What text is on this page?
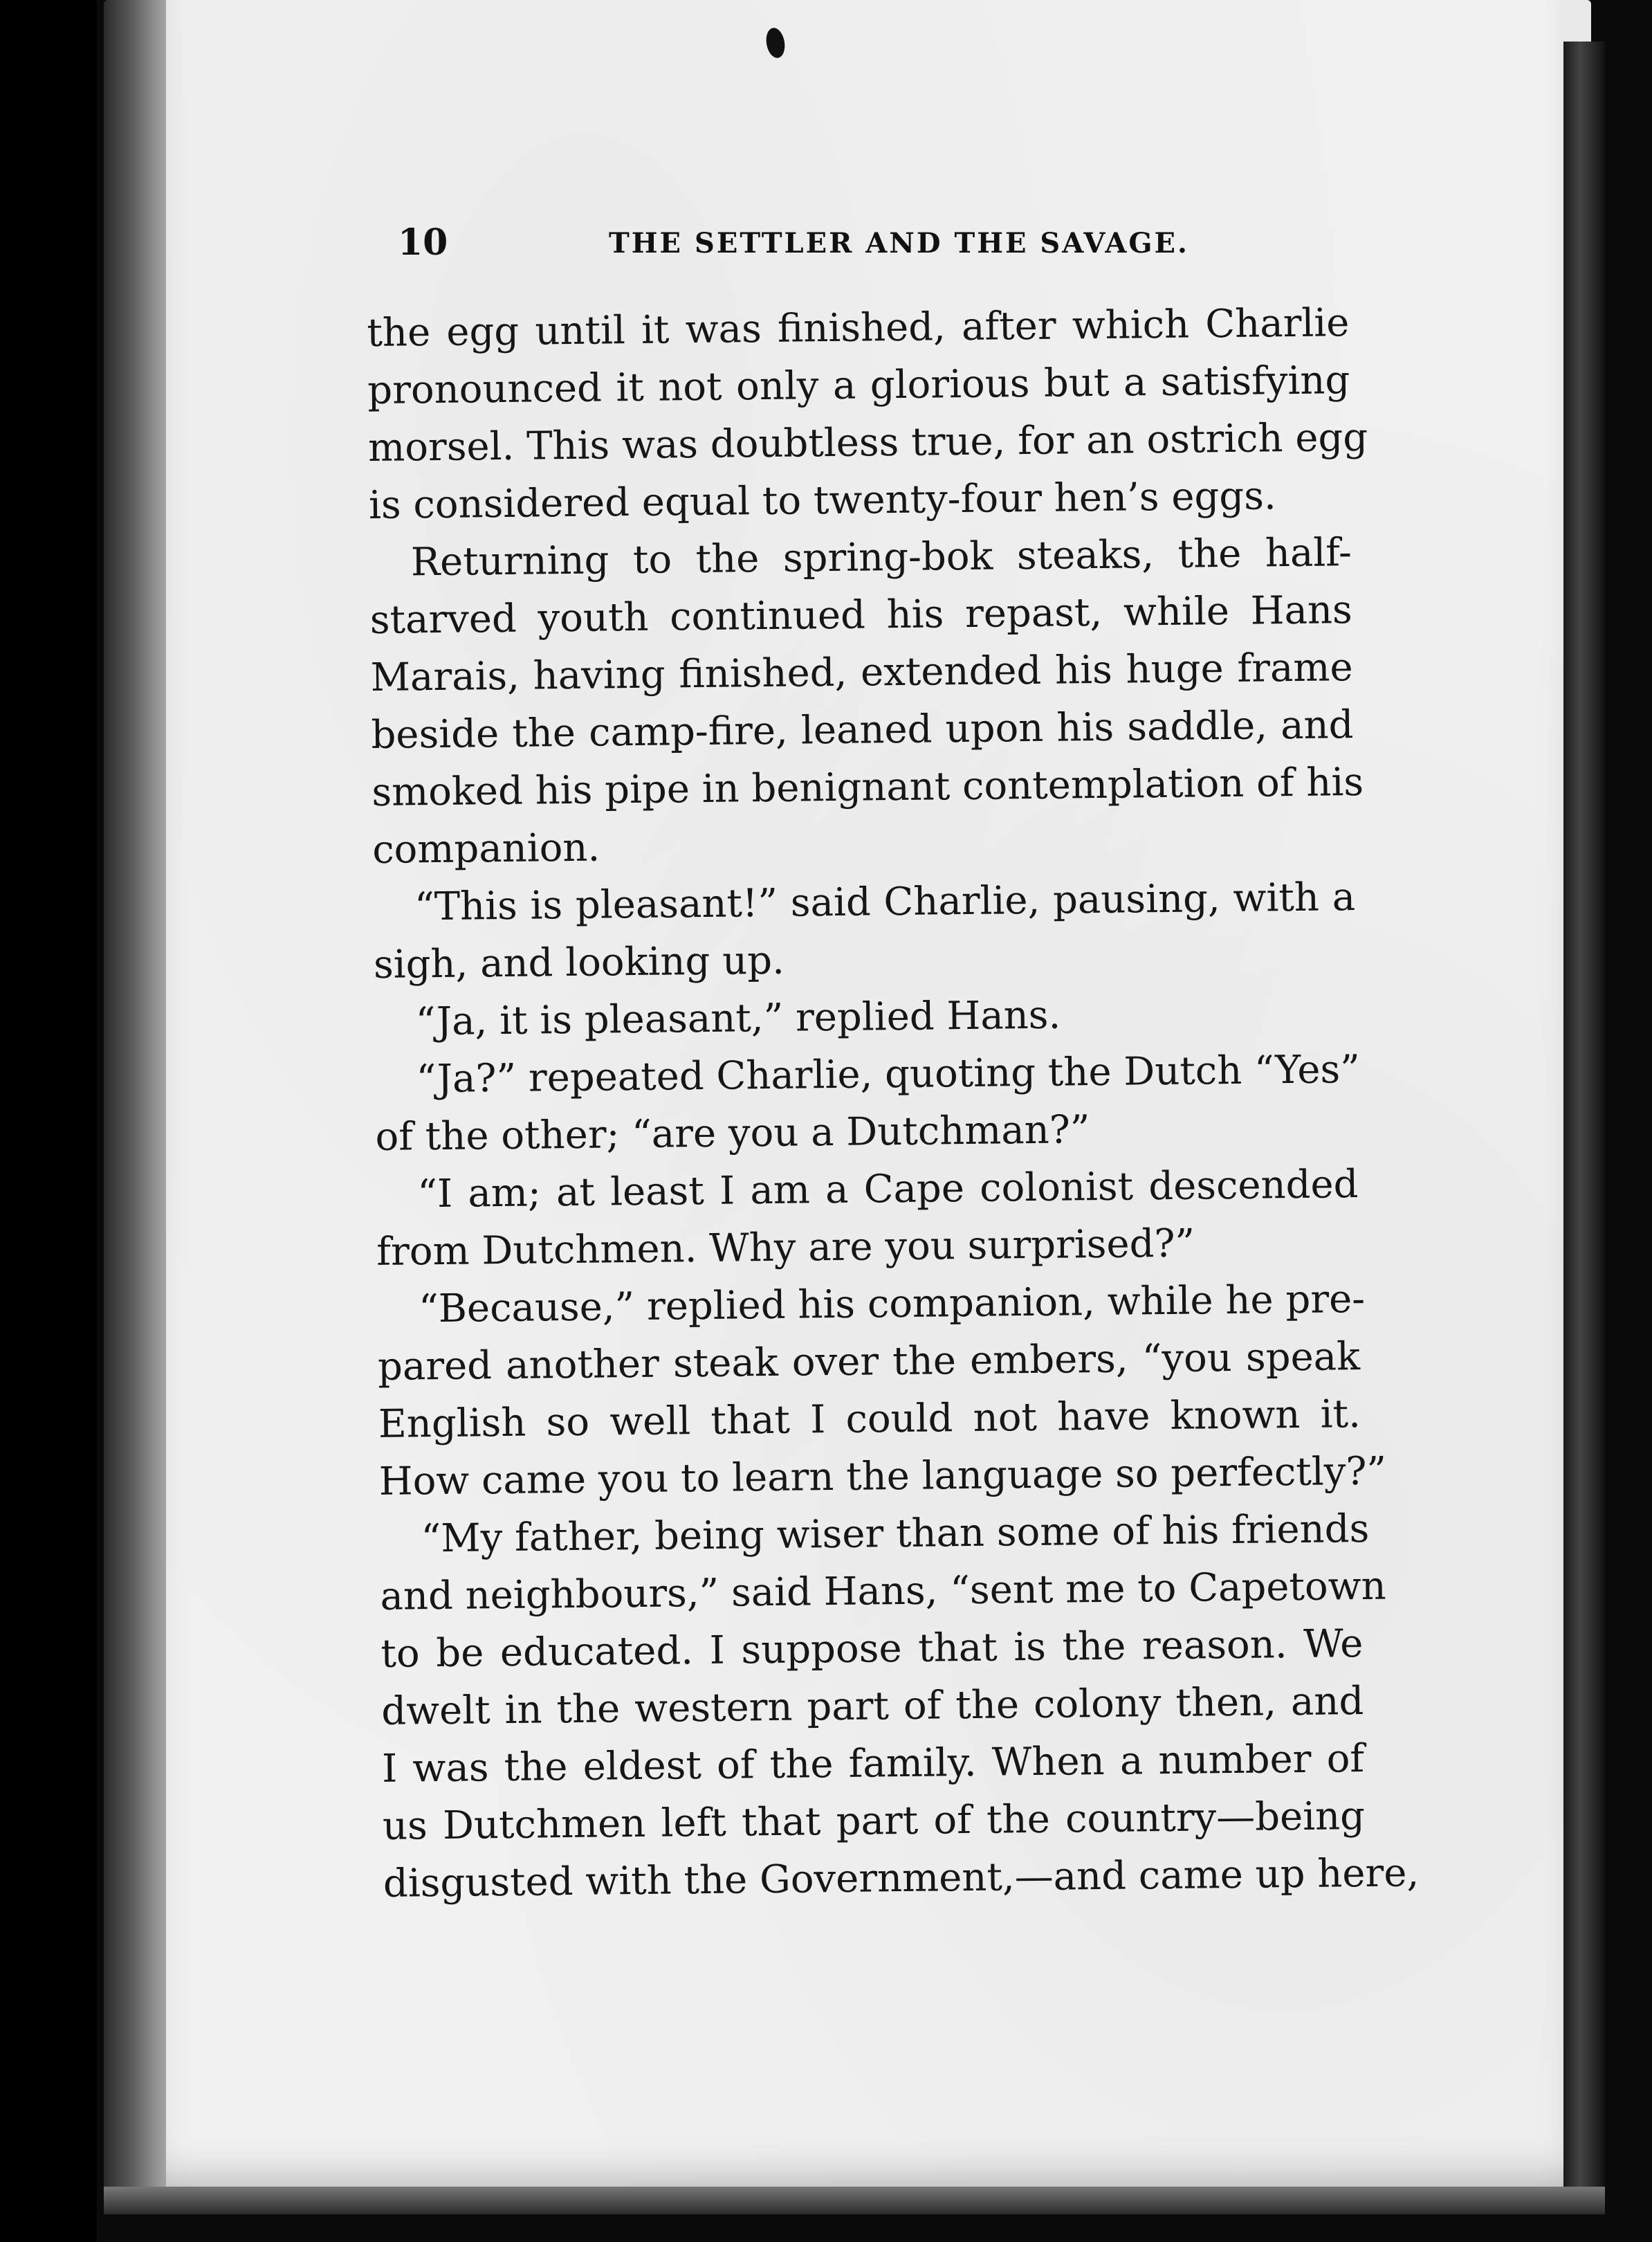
10	THE SETTLER AND THE SAVAGE.
the egg until it was finished, after which Charlie
pronounced it not only a glorious but a satisfying
morsel. This was doubtless true, for an ostrich egg
is considered equal to twenty-four hen’s eggs.
Returning to the spring-bok steaks, the half-
starved youth continued his repast, while Hans
Marais, having finished, extended his huge frame
beside the camp-fire, leaned upon his saddle, and
smoked his pipe in benignant contemplation of his
companion.
“This is pleasant!” said Charlie, pausing, with a
sigh, and looking up.
“Ja, it is pleasant,” replied Hans.
“Ja?” repeated Charlie, quoting the Dutch “Yes”
of the other; “are you a Dutchman?”
“I am; at least I am a Cape colonist descended
from Dutchmen. Why are you surprised?”
“Because,” replied his companion, while he pre-
pared another steak over the embers, “you speak
English so well that I could not have known it.
How came you to learn the language so perfectly?”
“My father, being wiser than some of his friends
and neighbours,” said Hans, “sent me to Capetown
to be educated. I suppose that is the reason. We
dwelt in the western part of the colony then, and
I was the eldest of the family. When a number of
us Dutchmen left that part of the country—being
disgusted with the Government,—and came up here,
